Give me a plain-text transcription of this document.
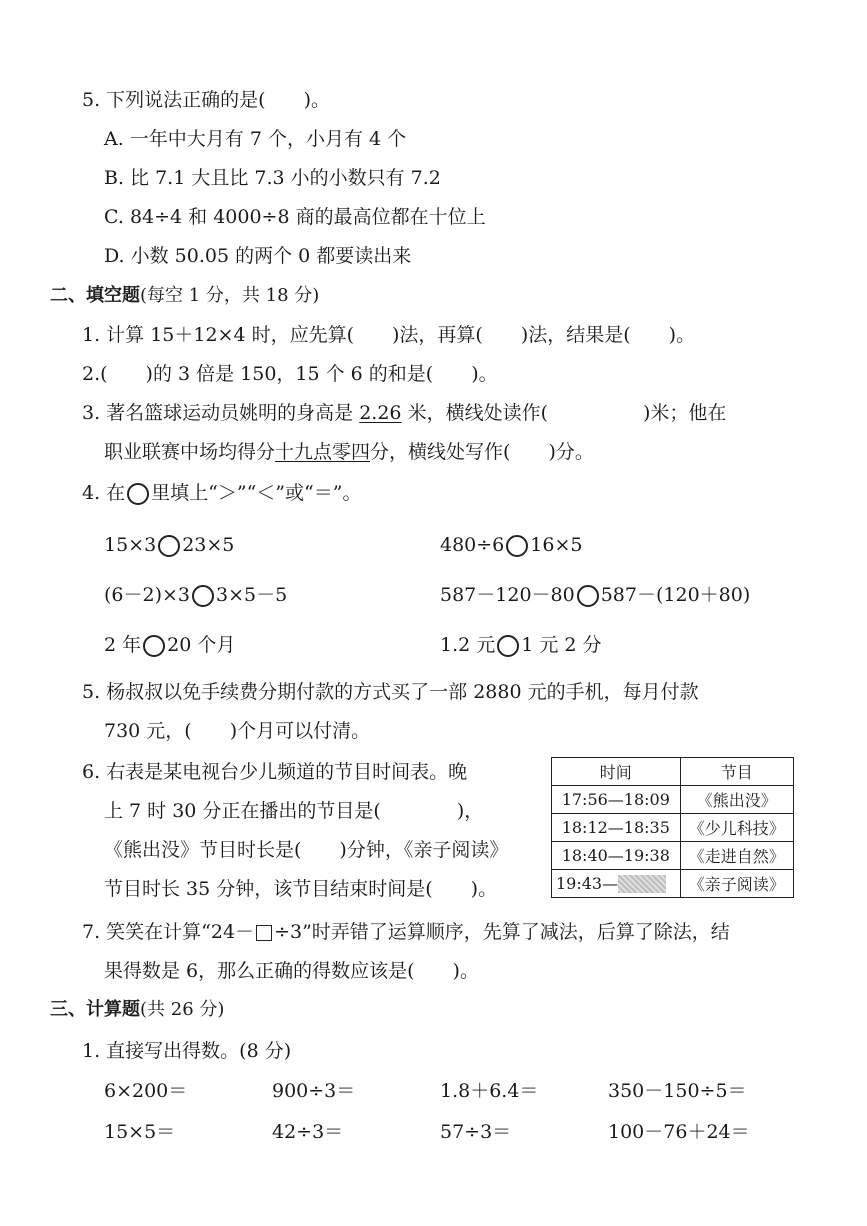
5. 下列说法正确的是(　　)。
A. 一年中大月有 7 个，小月有 4 个
B. 比 7.1 大且比 7.3 小的小数只有 7.2
C. 84÷4 和 4000÷8 商的最高位都在十位上
D. 小数 50.05 的两个 0 都要读出来
二、填空题(每空 1 分，共 18 分)
1. 计算 15＋12×4 时，应先算(　　)法，再算(　　)法，结果是(　　)。
2.(　　)的 3 倍是 150，15 个 6 的和是(　　)。
3. 著名篮球运动员姚明的身高是 2.26 米，横线处读作(　　　　　)米；他在
职业联赛中场均得分十九点零四分，横线处写作(　　)分。
4. 在 里填上“＞”“＜”或“＝”。
15×3 23×5	480÷6 16×5
(6－2)×3 3×5－5	587－120－80 587－(120＋80)
2 年 20 个月	1.2 元 1 元 2 分
5. 杨叔叔以免手续费分期付款的方式买了一部 2880 元的手机，每月付款
730 元，(　　)个月可以付清。
6. 右表是某电视台少儿频道的节目时间表。晚
上 7 时 30 分正在播出的节目是(　　　　)，
《熊出没》节目时长是(　　)分钟，《亲子阅读》
节目时长 35 分钟，该节目结束时间是(　　)。
时间	节目
17:56—18:09	《熊出没》
18:12—18:35	《少儿科技》
18:40—19:38	《走进自然》
19:43—	《亲子阅读》
7. 笑笑在计算“24－ ÷3”时弄错了运算顺序，先算了减法，后算了除法，结
果得数是 6，那么正确的得数应该是(　　)。
三、计算题(共 26 分)
1. 直接写出得数。(8 分)
6×200＝	900÷3＝	1.8＋6.4＝	350－150÷5＝
15×5＝	42÷3＝	57÷3＝	100－76＋24＝
